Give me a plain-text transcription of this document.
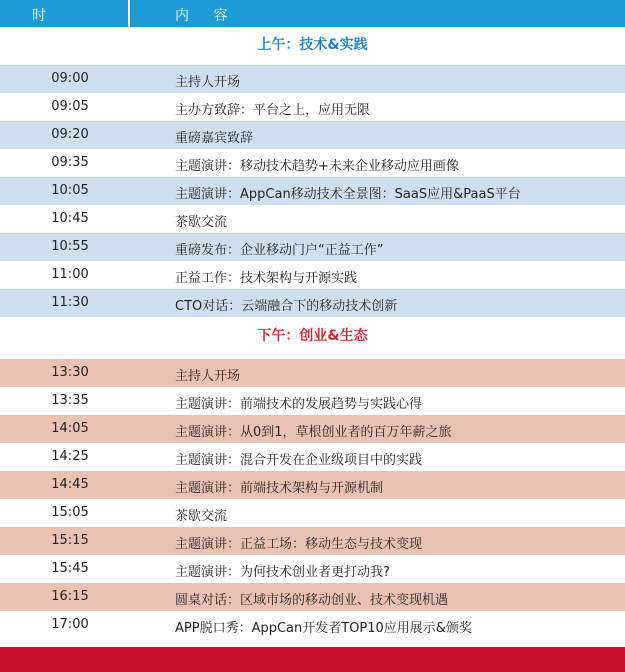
时 间
内 容
上午：技术&实践
09:00	主持人开场
09:05	主办方致辞：平台之上，应用无限
09:20	重磅嘉宾致辞
09:35	主题演讲：移动技术趋势+未来企业移动应用画像
10:05	主题演讲：AppCan移动技术全景图：SaaS应用&PaaS平台
10:45	茶歇交流
10:55	重磅发布：企业移动门户“正益工作”
11:00	正益工作：技术架构与开源实践
11:30	CTO对话：云端融合下的移动技术创新
下午：创业&生态
13:30	主持人开场
13:35	主题演讲：前端技术的发展趋势与实践心得
14:05	主题演讲：从0到1，草根创业者的百万年薪之旅
14:25	主题演讲：混合开发在企业级项目中的实践
14:45	主题演讲：前端技术架构与开源机制
15:05	茶歇交流
15:15	主题演讲：正益工场：移动生态与技术变现
15:45	主题演讲：为何技术创业者更打动我?
16:15	圆桌对话：区域市场的移动创业、技术变现机遇
17:00	APP脱口秀：AppCan开发者TOP10应用展示&颁奖
